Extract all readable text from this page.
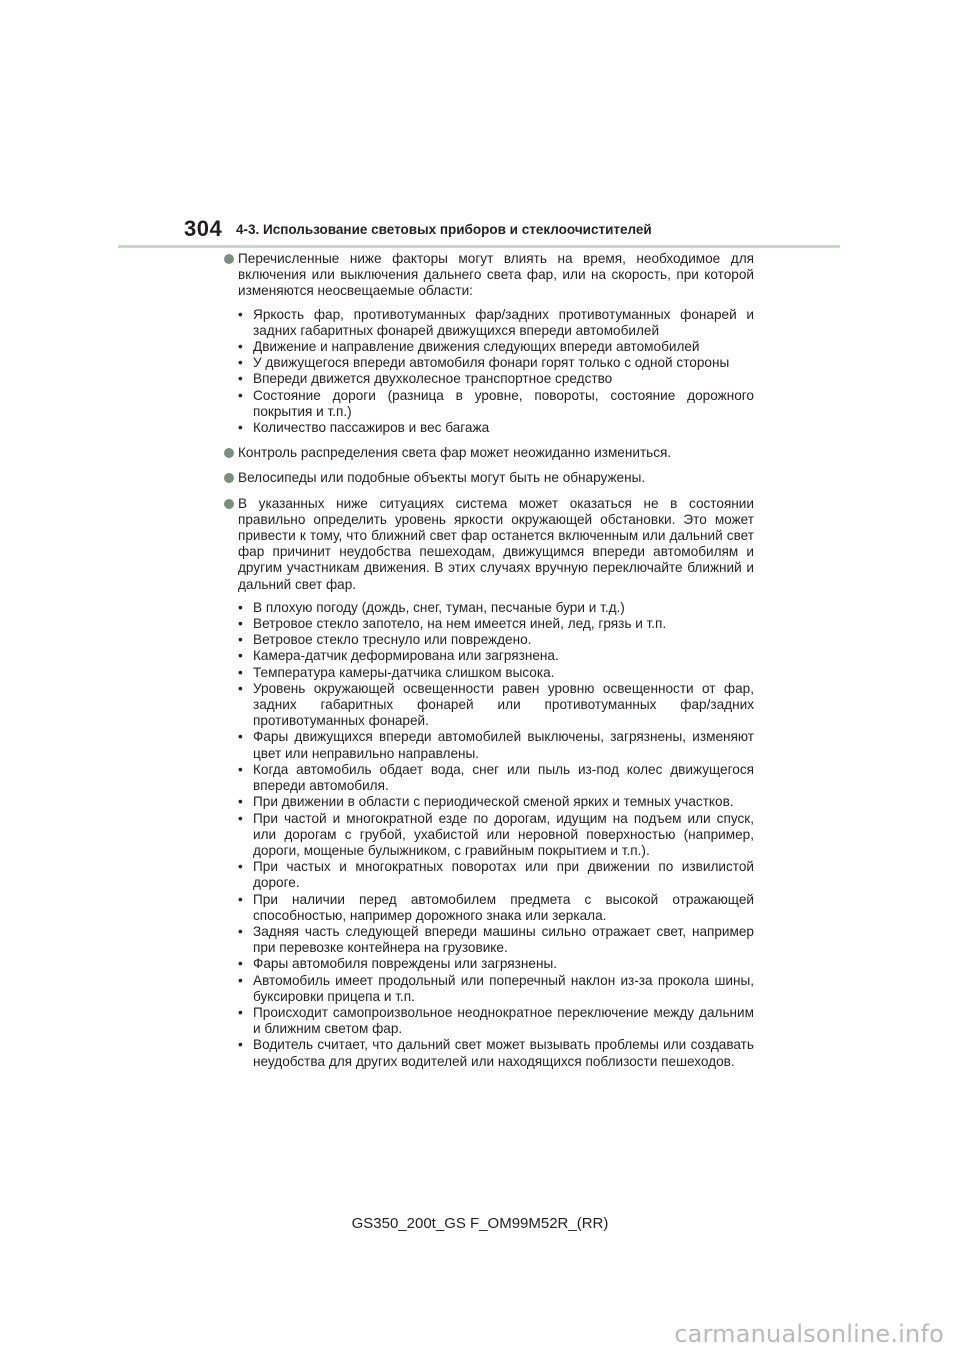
304 4-3. Использование световых приборов и стеклоочистителей
Перечисленные ниже факторы могут влиять на время, необходимое для включения или выключения дальнего света фар, или на скорость, при которой изменяются неосвещаемые области:
• Яркость фар, противотуманных фар/задних противотуманных фонарей и задних габаритных фонарей движущихся впереди автомобилей
• Движение и направление движения следующих впереди автомобилей
• У движущегося впереди автомобиля фонари горят только с одной стороны
• Впереди движется двухколесное транспортное средство
• Состояние дороги (разница в уровне, повороты, состояние дорожного покрытия и т.п.)
• Количество пассажиров и вес багажа
Контроль распределения света фар может неожиданно измениться.
Велосипеды или подобные объекты могут быть не обнаружены.
В указанных ниже ситуациях система может оказаться не в состоянии правильно определить уровень яркости окружающей обстановки. Это может привести к тому, что ближний свет фар останется включенным или дальний свет фар причинит неудобства пешеходам, движущимся впереди автомобилям и другим участникам движения. В этих случаях вручную переключайте ближний и дальний свет фар.
• В плохую погоду (дождь, снег, туман, песчаные бури и т.д.)
• Ветровое стекло запотело, на нем имеется иней, лед, грязь и т.п.
• Ветровое стекло треснуло или повреждено.
• Камера-датчик деформирована или загрязнена.
• Температура камеры-датчика слишком высока.
• Уровень окружающей освещенности равен уровню освещенности от фар, задних габаритных фонарей или противотуманных фар/задних противотуманных фонарей.
• Фары движущихся впереди автомобилей выключены, загрязнены, изменяют цвет или неправильно направлены.
• Когда автомобиль обдает вода, снег или пыль из-под колес движущегося впереди автомобиля.
• При движении в области с периодической сменой ярких и темных участков.
• При частой и многократной езде по дорогам, идущим на подъем или спуск, или дорогам с грубой, ухабистой или неровной поверхностью (например, дороги, мощеные булыжником, с гравийным покрытием и т.п.).
• При частых и многократных поворотах или при движении по извилистой дороге.
• При наличии перед автомобилем предмета с высокой отражающей способностью, например дорожного знака или зеркала.
• Задняя часть следующей впереди машины сильно отражает свет, например при перевозке контейнера на грузовике.
• Фары автомобиля повреждены или загрязнены.
• Автомобиль имеет продольный или поперечный наклон из-за прокола шины, буксировки прицепа и т.п.
• Происходит самопроизвольное неоднократное переключение между дальним и ближним светом фар.
• Водитель считает, что дальний свет может вызывать проблемы или создавать неудобства для других водителей или находящихся поблизости пешеходов.
GS350_200t_GS F_OM99M52R_(RR)
carmanualsonline.info
